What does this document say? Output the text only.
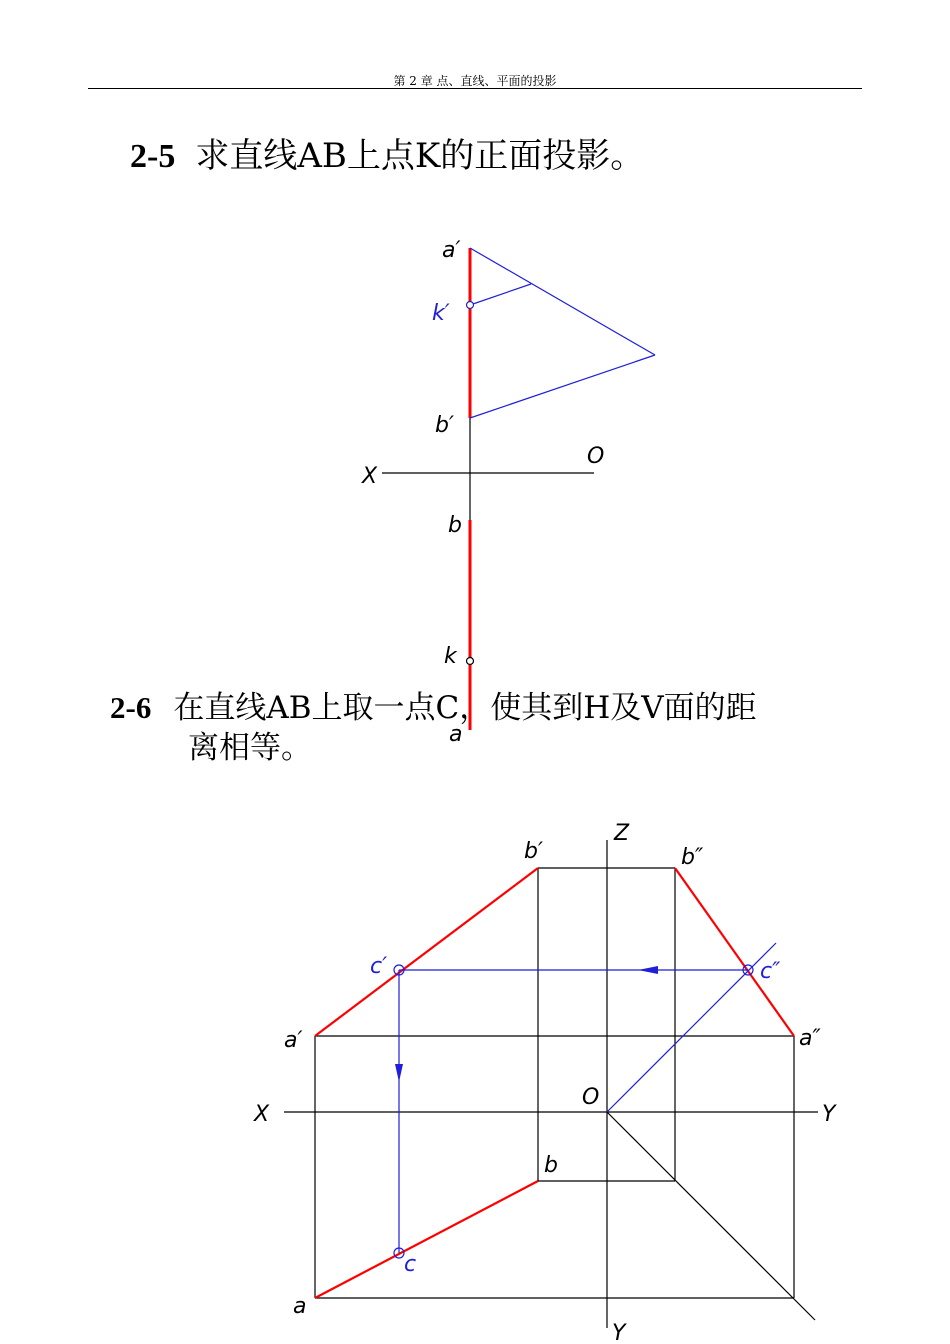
第 2 章 点、直线、平面的投影
2-5 求直线AB上点K的正面投影。
2-6 在直线AB上取一点C，使其到H及V面的距
离相等。
a′
k′
b′
X
O
b
k
a
b′
Z
b″
c′	c″
a′	a″
X
O
Y
b
c
a
Y
